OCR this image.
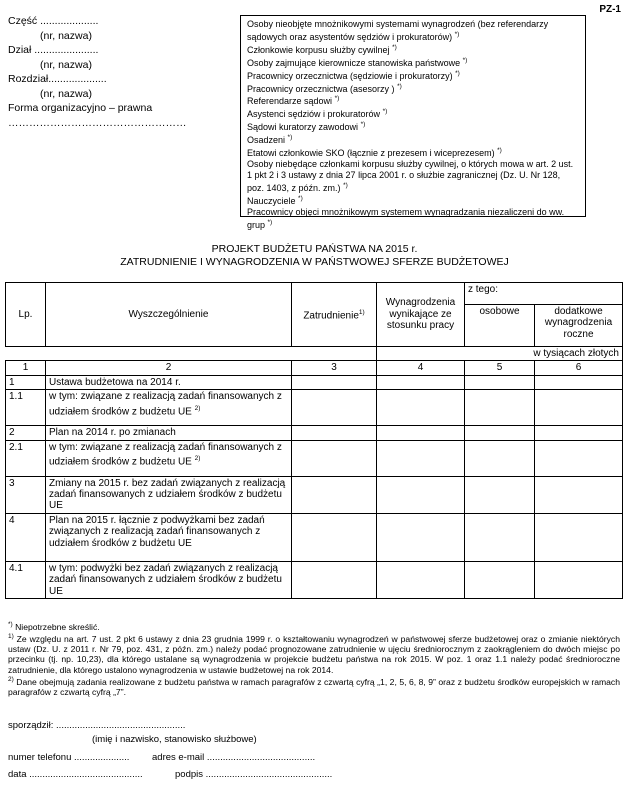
PZ-1
Część ....................
(nr, nazwa)
Dział ......................
(nr, nazwa)
Rozdział....................
(nr, nazwa)
Forma organizacyjno – prawna
……………………………………………
Osoby nieobjęte mnożnikowymi systemami wynagrodzeń (bez referendarzy sądowych oraz asystentów sędziów i prokuratorów) *)
Członkowie korpusu służby cywilnej *)
Osoby zajmujące kierownicze stanowiska państwowe *)
Pracownicy orzecznictwa (sędziowie i prokuratorzy) *)
Pracownicy orzecznictwa (asesorzy ) *)
Referendarze sądowi *)
Asystenci sędziów i prokuratorów *)
Sądowi kuratorzy zawodowi *)
Osadzeni *)
Etatowi członkowie SKO (łącznie z prezesem i wiceprezesem) *)
Osoby niebędące członkami korpusu służby cywilnej, o których mowa w art. 2 ust. 1 pkt 2 i 3 ustawy z dnia 27 lipca 2001 r. o służbie zagranicznej (Dz. U. Nr 128, poz. 1403, z późn. zm.) *)
Nauczyciele *)
Pracownicy objęci mnożnikowym systemem wynagradzania niezaliczeni do ww. grup *)
PROJEKT BUDŻETU PAŃSTWA NA 2015 r.
ZATRUDNIENIE I WYNAGRODZENIA W PAŃSTWOWEJ SFERZE BUDŻETOWEJ
Lp.	Wyszczególnienie	Zatrudnienie$^{1)}$	Wynagrodzenia wynikające ze stosunku pracy	z tego:	
				osobowe	dodatkowe wynagrodzenia roczne
			w tysiącach złotych		
1	2	3	4	5	6
1	Ustawa budżetowa na 2014 r.				
1.1	w tym: związane z realizacją zadań finansowanych z udziałem środków z budżetu UE $^{2)}$				
2	Plan na 2014 r. po zmianach				
2.1	w tym: związane z realizacją zadań finansowanych z udziałem środków z budżetu UE $^{2)}$				
3	Zmiany na 2015 r. bez zadań związanych z realizacją zadań finansowanych z udziałem środków z budżetu UE				
4	Plan na 2015 r. łącznie z podwyżkami bez zadań związanych z realizacją zadań finansowanych z udziałem środków z budżetu UE				
4.1	w tym: podwyżki bez zadań związanych z realizacją zadań finansowanych z udziałem środków z budżetu UE				

*) Niepotrzebne skreślić.

$^{1)}$ Ze względu na art. 7 ust. 2 pkt 6 ustawy z dnia 23 grudnia 1999 r. o kształtowaniu wynagrodzeń w państwowej sferze budżetowej oraz o zmianie niektórych ustaw (Dz. U. z 2011 r. Nr 79, poz. 431, z późn. zm.) należy podać prognozowane zatrudnienie w ujęciu średniorocznym z zaokrągleniem do dwóch miejsc po przecinku (tj. np. 10,23), dla którego ustalane są wynagrodzenia w projekcie budżetu państwa na rok 2015. W poz. 1 oraz 1.1 należy podać średnioroczne zatrudnienie, dla którego ustalono wynagrodzenia w ustawie budżetowej na rok 2014.

$^{2)}$ Dane obejmują zadania realizowane z budżetu państwa w ramach paragrafów z czwartą cyfrą „1, 2, 5, 6, 8, 9” oraz z budżetu środków europejskich w ramach paragrafów z czwartą cyfrą „7”.

sporządził: .................................................
(imię i nazwisko, stanowisko służbowe)
numer telefonu ..................... adres e-mail .........................................
data ...........................................	podpis ................................................
